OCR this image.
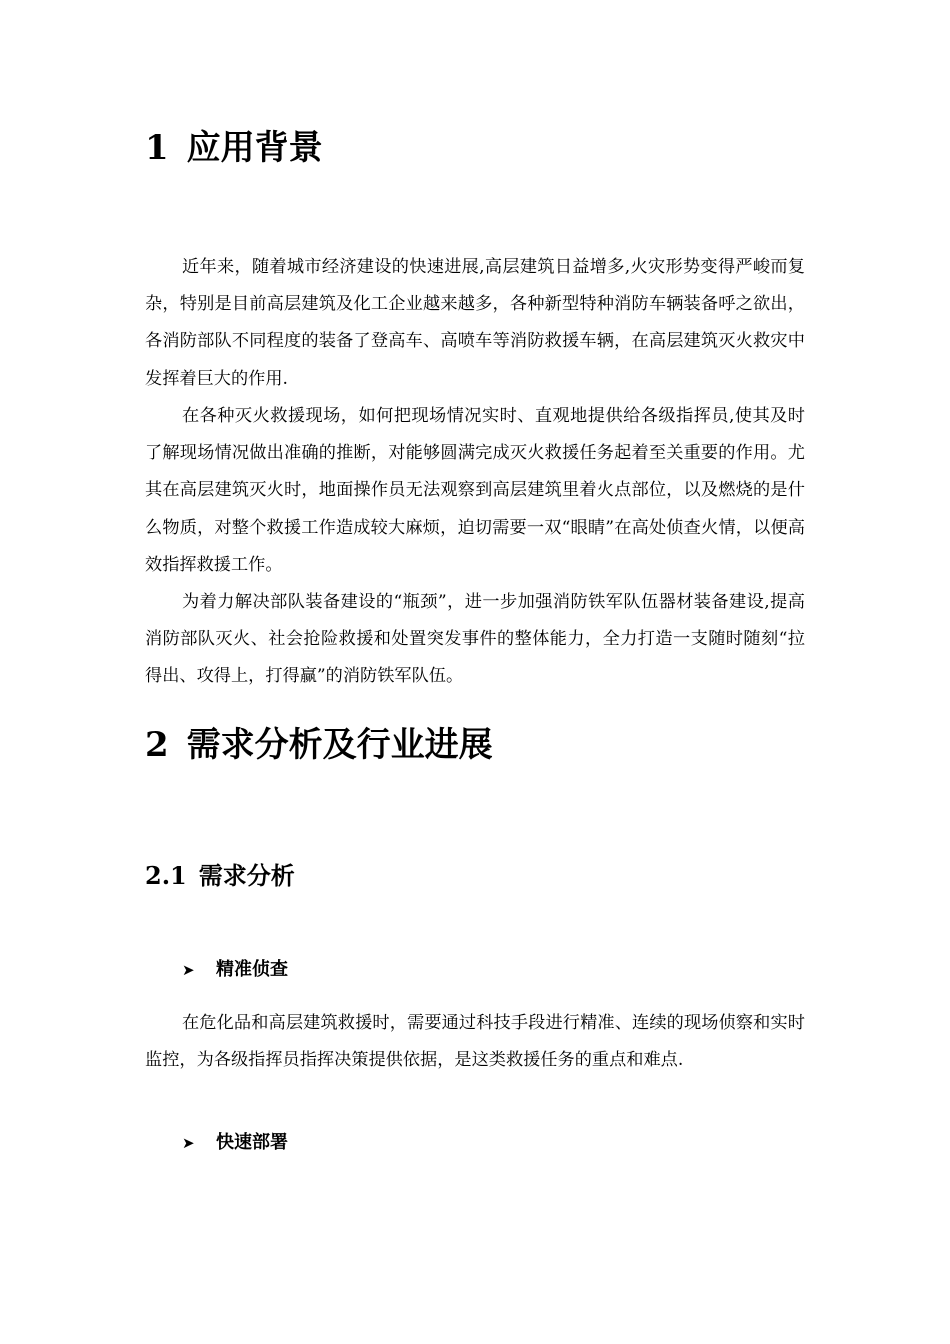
1 应用背景

近年来，随着城市经济建设的快速进展,高层建筑日益增多,火灾形势变得严峻而复杂，特别是目前高层建筑及化工企业越来越多，各种新型特种消防车辆装备呼之欲出，各消防部队不同程度的装备了登高车、高喷车等消防救援车辆，在高层建筑灭火救灾中发挥着巨大的作用.

在各种灭火救援现场，如何把现场情况实时、直观地提供给各级指挥员,使其及时了解现场情况做出准确的推断，对能够圆满完成灭火救援任务起着至关重要的作用。尤其在高层建筑灭火时，地面操作员无法观察到高层建筑里着火点部位，以及燃烧的是什么物质，对整个救援工作造成较大麻烦，迫切需要一双“眼睛”在高处侦查火情，以便高效指挥救援工作。

为着力解决部队装备建设的“瓶颈”，进一步加强消防铁军队伍器材装备建设,提高消防部队灭火、社会抢险救援和处置突发事件的整体能力，全力打造一支随时随刻“拉得出、攻得上，打得赢”的消防铁军队伍。

2 需求分析及行业进展
2.1 需求分析
➤ 精准侦查

在危化品和高层建筑救援时，需要通过科技手段进行精准、连续的现场侦察和实时监控，为各级指挥员指挥决策提供依据，是这类救援任务的重点和难点.

➤ 快速部署
